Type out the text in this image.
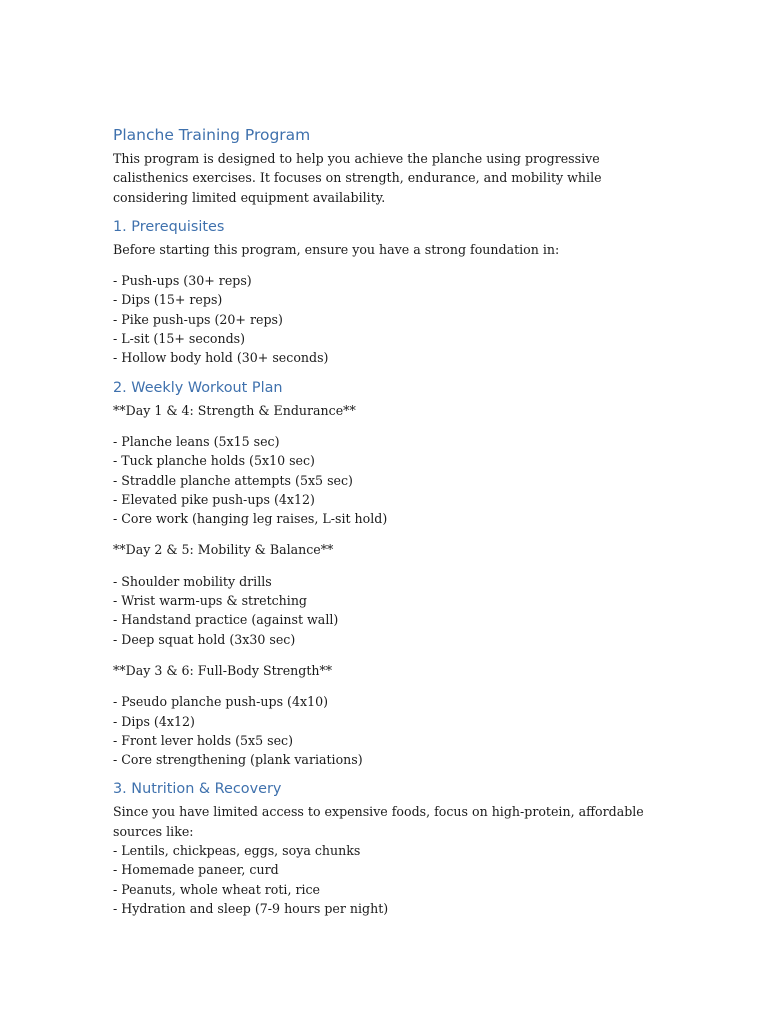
Planche Training Program

This program is designed to help you achieve the planche using progressive calisthenics exercises. It focuses on strength, endurance, and mobility while considering limited equipment availability.

1. Prerequisites

Before starting this program, ensure you have a strong foundation in:

- Push-ups (30+ reps)
- Dips (15+ reps)
- Pike push-ups (20+ reps)
- L-sit (15+ seconds)
- Hollow body hold (30+ seconds)
2. Weekly Workout Plan

**Day 1 & 4: Strength & Endurance**

- Planche leans (5x15 sec)
- Tuck planche holds (5x10 sec)
- Straddle planche attempts (5x5 sec)
- Elevated pike push-ups (4x12)
- Core work (hanging leg raises, L-sit hold)

**Day 2 & 5: Mobility & Balance**

- Shoulder mobility drills
- Wrist warm-ups & stretching
- Handstand practice (against wall)
- Deep squat hold (3x30 sec)

**Day 3 & 6: Full-Body Strength**

- Pseudo planche push-ups (4x10)
- Dips (4x12)
- Front lever holds (5x5 sec)
- Core strengthening (plank variations)
3. Nutrition & Recovery

Since you have limited access to expensive foods, focus on high-protein, affordable sources like:

- Lentils, chickpeas, eggs, soya chunks
- Homemade paneer, curd
- Peanuts, whole wheat roti, rice
- Hydration and sleep (7-9 hours per night)
